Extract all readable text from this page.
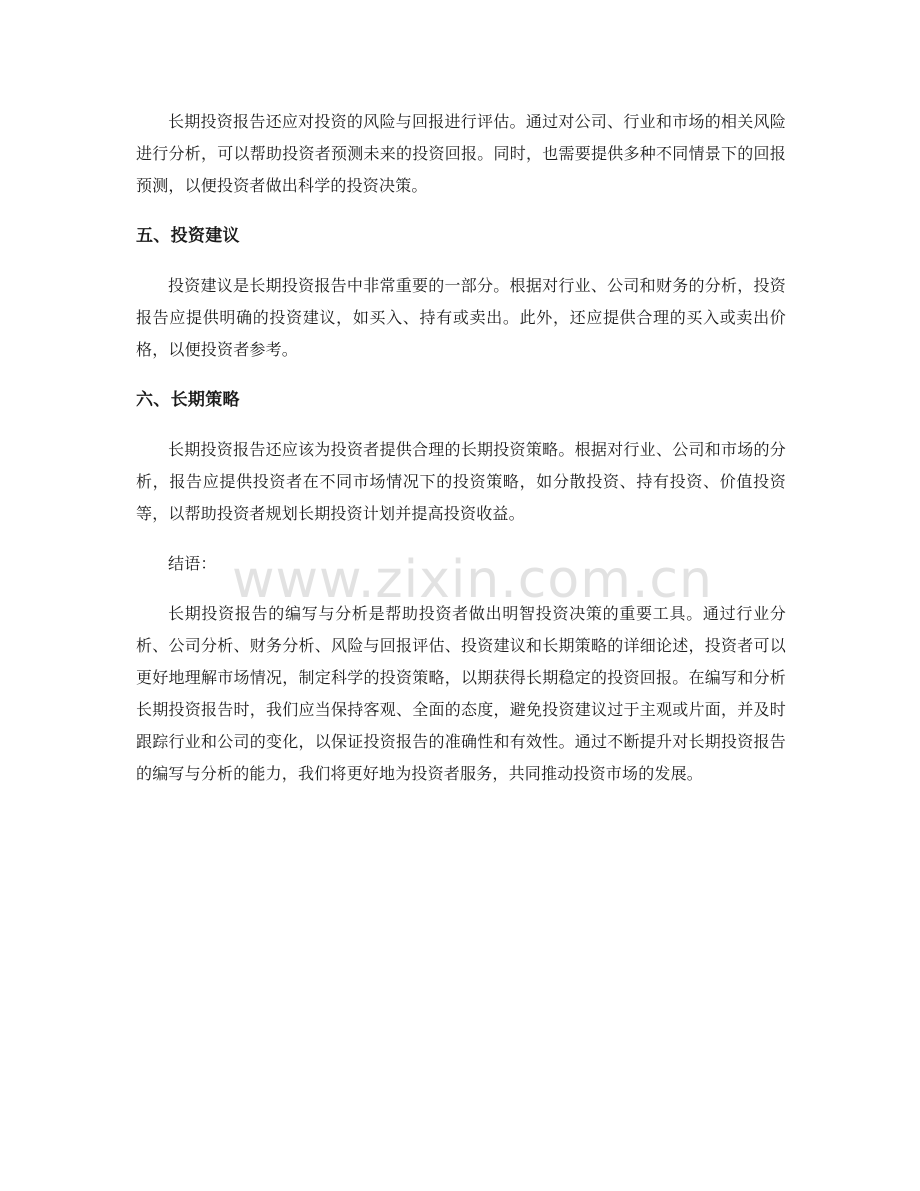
长期投资报告还应对投资的风险与回报进行评估。通过对公司、行业和市场的相关风险进行分析，可以帮助投资者预测未来的投资回报。同时，也需要提供多种不同情景下的回报预测，以便投资者做出科学的投资决策。

五、投资建议

投资建议是长期投资报告中非常重要的一部分。根据对行业、公司和财务的分析，投资报告应提供明确的投资建议，如买入、持有或卖出。此外，还应提供合理的买入或卖出价格，以便投资者参考。

六、长期策略

长期投资报告还应该为投资者提供合理的长期投资策略。根据对行业、公司和市场的分析，报告应提供投资者在不同市场情况下的投资策略，如分散投资、持有投资、价值投资等，以帮助投资者规划长期投资计划并提高投资收益。

结语：

长期投资报告的编写与分析是帮助投资者做出明智投资决策的重要工具。通过行业分析、公司分析、财务分析、风险与回报评估、投资建议和长期策略的详细论述，投资者可以更好地理解市场情况，制定科学的投资策略，以期获得长期稳定的投资回报。在编写和分析长期投资报告时，我们应当保持客观、全面的态度，避免投资建议过于主观或片面，并及时跟踪行业和公司的变化，以保证投资报告的准确性和有效性。通过不断提升对长期投资报告的编写与分析的能力，我们将更好地为投资者服务，共同推动投资市场的发展。

www.zixin.com.cn
